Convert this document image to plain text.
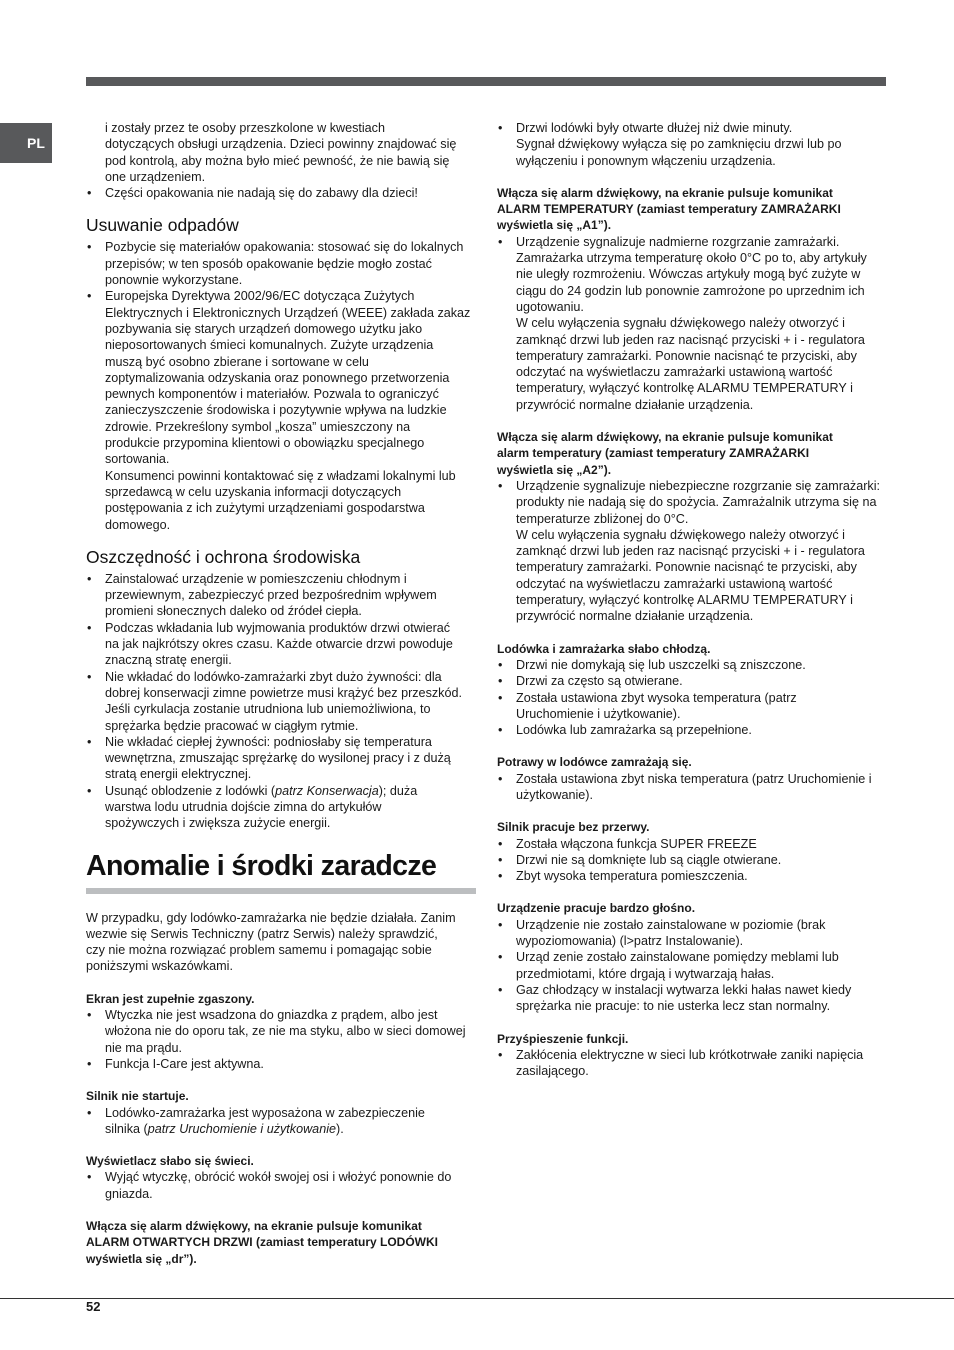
PL
i zostały przez te osoby przeszkolone w kwestiach
dotyczących obsługi urządzenia. Dzieci powinny znajdować się
pod kontrolą, aby można było mieć pewność, że nie bawią się
one urządzeniem.
• Części opakowania nie nadają się do zabawy dla dzieci!
Usuwanie odpadów
• Pozbycie się materiałów opakowania: stosować się do lokalnych
przepisów; w ten sposób opakowanie będzie mogło zostać
ponownie wykorzystane.
• Europejska Dyrektywa 2002/96/EC dotycząca Zużytych
Elektrycznych i Elektronicznych Urządzeń (WEEE) zakłada zakaz
pozbywania się starych urządzeń domowego użytku jako
nieposortowanych śmieci komunalnych. Zużyte urządzenia
muszą być osobno zbierane i sortowane w celu
zoptymalizowania odzyskania oraz ponownego przetworzenia
pewnych komponentów i materiałów. Pozwala to ograniczyć
zanieczyszczenie środowiska i pozytywnie wpływa na ludzkie
zdrowie. Przekreślony symbol „kosza” umieszczony na
produkcie przypomina klientowi o obowiązku specjalnego
sortowania.
Konsumenci powinni kontaktować się z władzami lokalnymi lub
sprzedawcą w celu uzyskania informacji dotyczących
postępowania z ich zużytymi urządzeniami gospodarstwa
domowego.
Oszczędność i ochrona środowiska
• Zainstalować urządzenie w pomieszczeniu chłodnym i
przewiewnym, zabezpieczyć przed bezpośrednim wpływem
promieni słonecznych daleko od źródeł ciepła.
• Podczas wkładania lub wyjmowania produktów drzwi otwierać
na jak najkrótszy okres czasu. Każde otwarcie drzwi powoduje
znaczną stratę energii.
• Nie wkładać do lodówko-zamrażarki zbyt dużo żywności: dla
dobrej konserwacji zimne powietrze musi krążyć bez przeszkód.
Jeśli cyrkulacja zostanie utrudniona lub uniemożliwiona, to
sprężarka będzie pracować w ciągłym rytmie.
• Nie wkładać ciepłej żywności: podniosłaby się temperatura
wewnętrzna, zmuszając sprężarkę do wysilonej pracy i z dużą
stratą energii elektrycznej.
• Usunąć oblodzenie z lodówki (patrz Konserwacja); duża
warstwa lodu utrudnia dojście zimna do artykułów
spożywczych i zwiększa zużycie energii.
Anomalie i środki zaradcze
W przypadku, gdy lodówko-zamrażarka nie będzie działała. Zanim
wezwie się Serwis Techniczny (patrz Serwis) należy sprawdzić,
czy nie można rozwiązać problem samemu i pomagając sobie
poniższymi wskazówkami.
Ekran jest zupełnie zgaszony.
• Wtyczka nie jest wsadzona do gniazdka z prądem, albo jest
włożona nie do oporu tak, ze nie ma styku, albo w sieci domowej
nie ma prądu.
• Funkcja I-Care jest aktywna.
Silnik nie startuje.
• Lodówko-zamrażarka jest wyposażona w zabezpieczenie
silnika (patrz Uruchomienie i użytkowanie).
Wyświetlacz słabo się świeci.
• Wyjąć wtyczkę, obrócić wokół swojej osi i włożyć ponownie do
gniazda.
Włącza się alarm dźwiękowy, na ekranie pulsuje komunikat
ALARM OTWARTYCH DRZWI (zamiast temperatury LODÓWKI
wyświetla się „dr”).
• Drzwi lodówki były otwarte dłużej niż dwie minuty.
Sygnał dźwiękowy wyłącza się po zamknięciu drzwi lub po
wyłączeniu i ponownym włączeniu urządzenia.
Włącza się alarm dźwiękowy, na ekranie pulsuje komunikat
ALARM TEMPERATURY (zamiast temperatury ZAMRAŻARKI
wyświetla się „A1”).
• Urządzenie sygnalizuje nadmierne rozgrzanie zamrażarki.
Zamrażarka utrzyma temperaturę około 0°C po to, aby artykuły
nie uległy rozmrożeniu. Wówczas artykuły mogą być zużyte w
ciągu do 24 godzin lub ponownie zamrożone po uprzednim ich
ugotowaniu.
W celu wyłączenia sygnału dźwiękowego należy otworzyć i
zamknąć drzwi lub jeden raz nacisnąć przyciski + i - regulatora
temperatury zamrażarki. Ponownie nacisnąć te przyciski, aby
odczytać na wyświetlaczu zamrażarki ustawioną wartość
temperatury, wyłączyć kontrolkę ALARMU TEMPERATURY i
przywrócić normalne działanie urządzenia.
Włącza się alarm dźwiękowy, na ekranie pulsuje komunikat
alarm temperatury (zamiast temperatury ZAMRAŻARKI
wyświetla się „A2”).
• Urządzenie sygnalizuje niebezpieczne rozgrzanie się zamrażarki:
produkty nie nadają się do spożycia. Zamrażalnik utrzyma się na
temperaturze zbliżonej do 0°C.
W celu wyłączenia sygnału dźwiękowego należy otworzyć i
zamknąć drzwi lub jeden raz nacisnąć przyciski + i - regulatora
temperatury zamrażarki. Ponownie nacisnąć te przyciski, aby
odczytać na wyświetlaczu zamrażarki ustawioną wartość
temperatury, wyłączyć kontrolkę ALARMU TEMPERATURY i
przywrócić normalne działanie urządzenia.
Lodówka i zamrażarka słabo chłodzą.
• Drzwi nie domykają się lub uszczelki są zniszczone.
• Drzwi za często są otwierane.
• Została ustawiona zbyt wysoka temperatura (patrz
Uruchomienie i użytkowanie).
• Lodówka lub zamrażarka są przepełnione.
Potrawy w lodówce zamrażają się.
• Została ustawiona zbyt niska temperatura (patrz Uruchomienie i
użytkowanie).
Silnik pracuje bez przerwy.
• Została włączona funkcja SUPER FREEZE
• Drzwi nie są domknięte lub są ciągle otwierane.
• Zbyt wysoka temperatura pomieszczenia.
Urządzenie pracuje bardzo głośno.
• Urządzenie nie zostało zainstalowane w poziomie (brak
wypoziomowania) (l>patrz Instalowanie).
• Urząd zenie zostało zainstalowane pomiędzy meblami lub
przedmiotami, które drgają i wytwarzają hałas.
• Gaz chłodzący w instalacji wytwarza lekki hałas nawet kiedy
sprężarka nie pracuje: to nie usterka lecz stan normalny.
Przyśpieszenie funkcji.
• Zakłócenia elektryczne w sieci lub krótkotrwałe zaniki napięcia
zasilającego.
52
